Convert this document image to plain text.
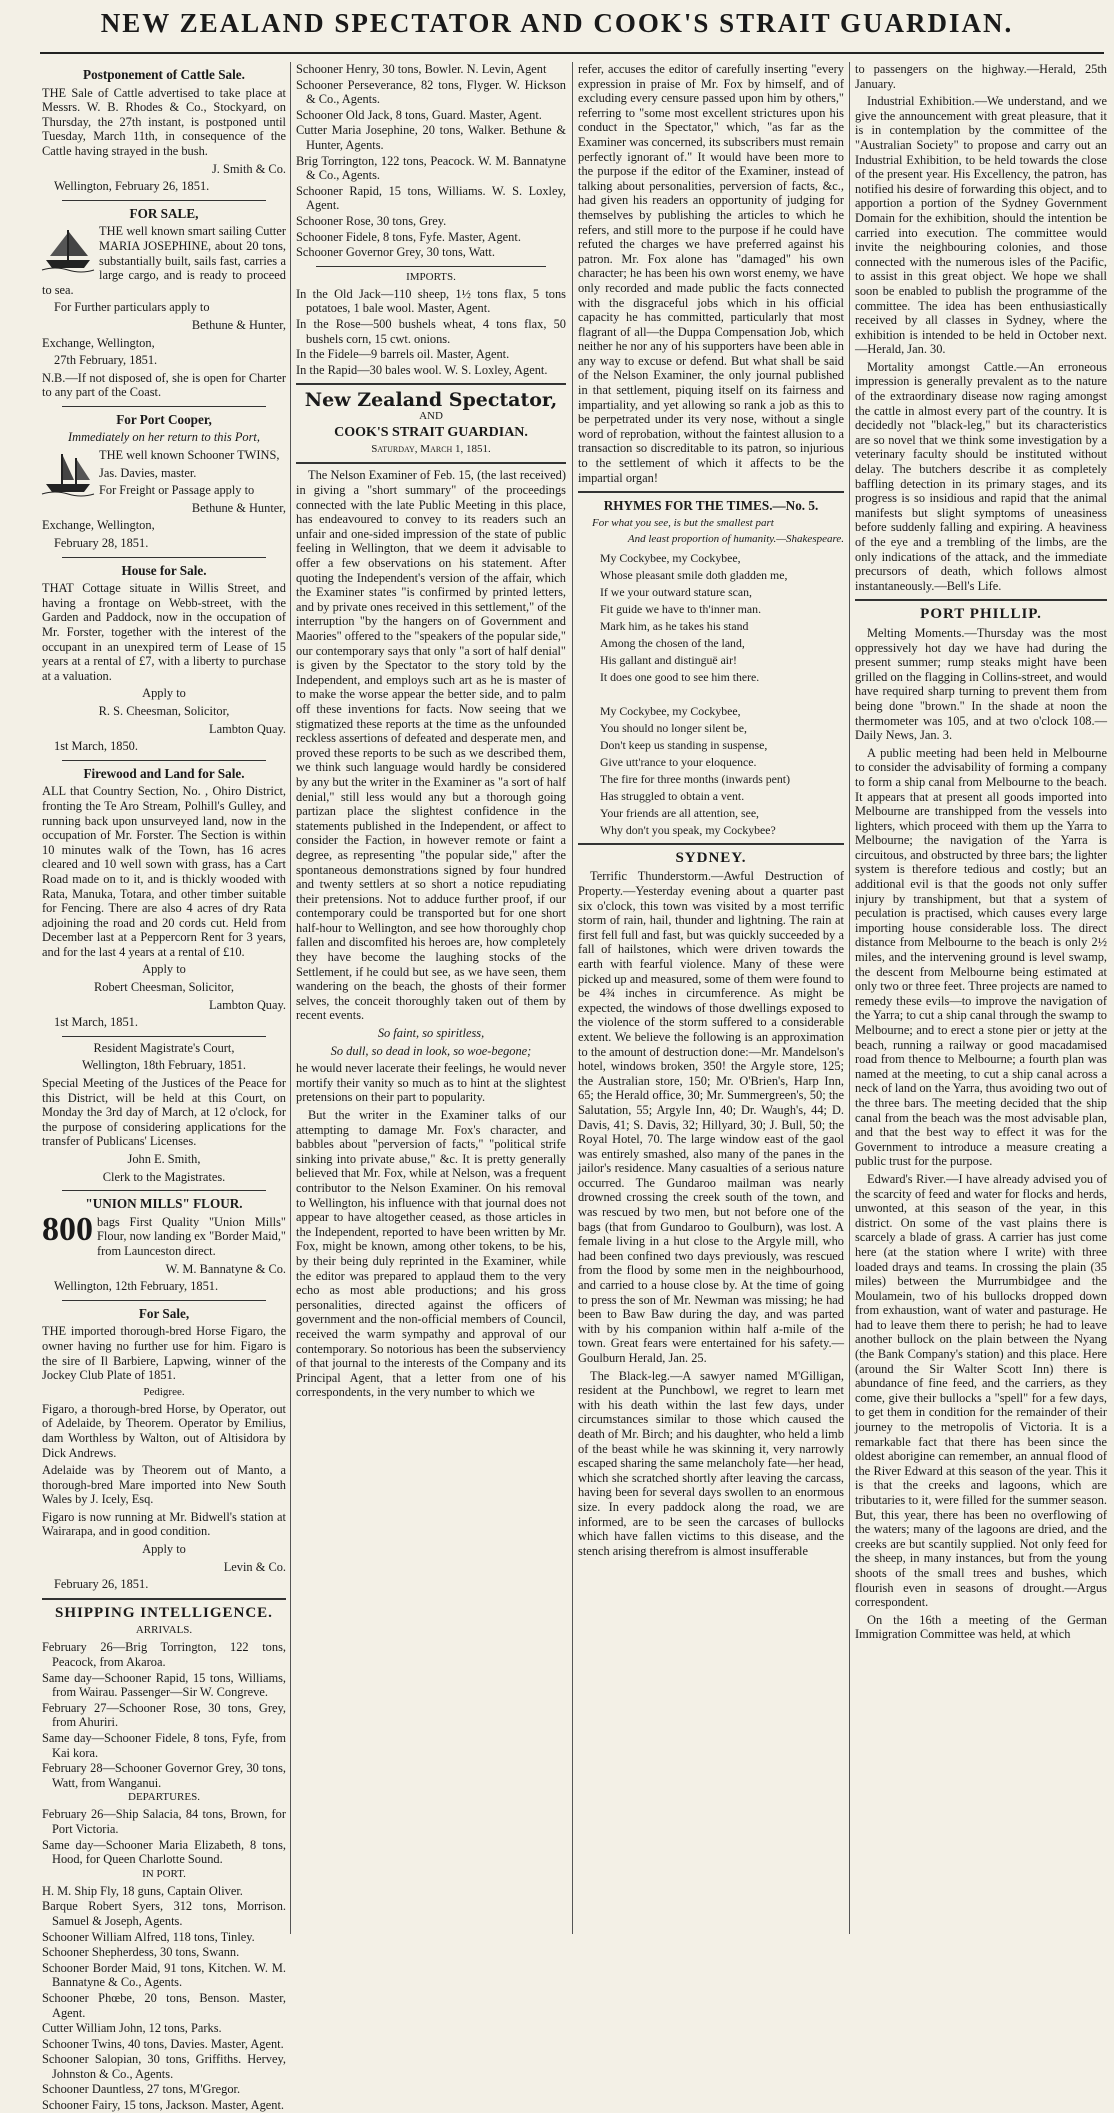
NEW ZEALAND SPECTATOR AND COOK'S STRAIT GUARDIAN.
Postponement of Cattle Sale.

THE Sale of Cattle advertised to take place at Messrs. W. B. Rhodes & Co., Stockyard, on Thursday, the 27th instant, is postponed until Tuesday, March 11th, in consequence of the Cattle having strayed in the bush.

J. Smith & Co.

Wellington, February 26, 1851.

FOR SALE,

THE well known smart sailing Cutter MARIA JOSEPHINE, about 20 tons, substantially built, sails fast, carries a large cargo, and is ready to proceed to sea.

For Further particulars apply to

Bethune & Hunter,

Exchange, Wellington,

27th February, 1851.

N.B.—If not disposed of, she is open for Charter to any part of the Coast.

For Port Cooper,

Immediately on her return to this Port,

THE well known Schooner TWINS,

Jas. Davies, master.

For Freight or Passage apply to

Bethune & Hunter,

Exchange, Wellington,

February 28, 1851.

House for Sale.

THAT Cottage situate in Willis Street, and having a frontage on Webb-street, with the Garden and Paddock, now in the occupation of Mr. Forster, together with the interest of the occupant in an unexpired term of Lease of 15 years at a rental of £7, with a liberty to purchase at a valuation.

Apply to

R. S. Cheesman, Solicitor,

Lambton Quay.

1st March, 1850.

Firewood and Land for Sale.

ALL that Country Section, No. , Ohiro District, fronting the Te Aro Stream, Polhill's Gulley, and running back upon unsurveyed land, now in the occupation of Mr. Forster. The Section is within 10 minutes walk of the Town, has 16 acres cleared and 10 well sown with grass, has a Cart Road made on to it, and is thickly wooded with Rata, Manuka, Totara, and other timber suitable for Fencing. There are also 4 acres of dry Rata adjoining the road and 20 cords cut. Held from December last at a Peppercorn Rent for 3 years, and for the last 4 years at a rental of £10.

Apply to

Robert Cheesman, Solicitor,

Lambton Quay.

1st March, 1851.

Resident Magistrate's Court,

Wellington, 18th February, 1851.

Special Meeting of the Justices of the Peace for this District, will be held at this Court, on Monday the 3rd day of March, at 12 o'clock, for the purpose of considering applications for the transfer of Publicans' Licenses.

John E. Smith,

Clerk to the Magistrates.

"UNION MILLS" FLOUR.
800 bags First Quality "Union Mills" Flour, now landing ex "Border Maid," from Launceston direct.

W. M. Bannatyne & Co.

Wellington, 12th February, 1851.

For Sale,

THE imported thorough-bred Horse Figaro, the owner having no further use for him. Figaro is the sire of Il Barbiere, Lapwing, winner of the Jockey Club Plate of 1851.

Pedigree.

Figaro, a thorough-bred Horse, by Operator, out of Adelaide, by Theorem. Operator by Emilius, dam Worthless by Walton, out of Altisidora by Dick Andrews.

Adelaide was by Theorem out of Manto, a thorough-bred Mare imported into New South Wales by J. Icely, Esq.

Figaro is now running at Mr. Bidwell's station at Wairarapa, and in good condition.

Apply to

Levin & Co.

February 26, 1851.

SHIPPING INTELLIGENCE.

ARRIVALS.

February 26—Brig Torrington, 122 tons, Peacock, from Akaroa.

Same day—Schooner Rapid, 15 tons, Williams, from Wairau. Passenger—Sir W. Congreve.

February 27—Schooner Rose, 30 tons, Grey, from Ahuriri.

Same day—Schooner Fidele, 8 tons, Fyfe, from Kai kora.

February 28—Schooner Governor Grey, 30 tons, Watt, from Wanganui.

DEPARTURES.

February 26—Ship Salacia, 84 tons, Brown, for Port Victoria.

Same day—Schooner Maria Elizabeth, 8 tons, Hood, for Queen Charlotte Sound.

IN PORT.

H. M. Ship Fly, 18 guns, Captain Oliver.

Barque Robert Syers, 312 tons, Morrison. Samuel & Joseph, Agents.

Schooner William Alfred, 118 tons, Tinley.

Schooner Shepherdess, 30 tons, Swann.

Schooner Border Maid, 91 tons, Kitchen. W. M. Bannatyne & Co., Agents.

Schooner Phœbe, 20 tons, Benson. Master, Agent.

Cutter William John, 12 tons, Parks.

Schooner Twins, 40 tons, Davies. Master, Agent.

Schooner Salopian, 30 tons, Griffiths. Hervey, Johnston & Co., Agents.

Schooner Dauntless, 27 tons, M'Gregor.

Schooner Fairy, 15 tons, Jackson. Master, Agent.

Schooner Henry, 30 tons, Bowler. N. Levin, Agent

Schooner Perseverance, 82 tons, Flyger. W. Hickson & Co., Agents.

Schooner Old Jack, 8 tons, Guard. Master, Agent.

Cutter Maria Josephine, 20 tons, Walker. Bethune & Hunter, Agents.

Brig Torrington, 122 tons, Peacock. W. M. Bannatyne & Co., Agents.

Schooner Rapid, 15 tons, Williams. W. S. Loxley, Agent.

Schooner Rose, 30 tons, Grey.

Schooner Fidele, 8 tons, Fyfe. Master, Agent.

Schooner Governor Grey, 30 tons, Watt.

IMPORTS.

In the Old Jack—110 sheep, 1½ tons flax, 5 tons potatoes, 1 bale wool. Master, Agent.

In the Rose—500 bushels wheat, 4 tons flax, 50 bushels corn, 15 cwt. onions.

In the Fidele—9 barrels oil. Master, Agent.

In the Rapid—30 bales wool. W. S. Loxley, Agent.

New Zealand Spectator,

AND

COOK'S STRAIT GUARDIAN.

Saturday, March 1, 1851.

The Nelson Examiner of Feb. 15, (the last received) in giving a "short summary" of the proceedings connected with the late Public Meeting in this place, has endeavoured to convey to its readers such an unfair and one-sided impression of the state of public feeling in Wellington, that we deem it advisable to offer a few observations on his statement. After quoting the Independent's version of the affair, which the Examiner states "is confirmed by printed letters, and by private ones received in this settlement," of the interruption "by the hangers on of Government and Maories" offered to the "speakers of the popular side," our contemporary says that only "a sort of half denial" is given by the Spectator to the story told by the Independent, and employs such art as he is master of to make the worse appear the better side, and to palm off these inventions for facts. Now seeing that we stigmatized these reports at the time as the unfounded reckless assertions of defeated and desperate men, and proved these reports to be such as we described them, we think such language would hardly be considered by any but the writer in the Examiner as "a sort of half denial," still less would any but a thorough going partizan place the slightest confidence in the statements published in the Independent, or affect to consider the Faction, in however remote or faint a degree, as representing "the popular side," after the spontaneous demonstrations signed by four hundred and twenty settlers at so short a notice repudiating their pretensions. Not to adduce further proof, if our contemporary could be transported but for one short half-hour to Wellington, and see how thoroughly chop fallen and discomfited his heroes are, how completely they have become the laughing stocks of the Settlement, if he could but see, as we have seen, them wandering on the beach, the ghosts of their former selves, the conceit thoroughly taken out of them by recent events.

So faint, so spiritless,

So dull, so dead in look, so woe-begone;

he would never lacerate their feelings, he would never mortify their vanity so much as to hint at the slightest pretensions on their part to popularity.

But the writer in the Examiner talks of our attempting to damage Mr. Fox's character, and babbles about "perversion of facts," "political strife sinking into private abuse," &c. It is pretty generally believed that Mr. Fox, while at Nelson, was a frequent contributor to the Nelson Examiner. On his removal to Wellington, his influence with that journal does not appear to have altogether ceased, as those articles in the Independent, reported to have been written by Mr. Fox, might be known, among other tokens, to be his, by their being duly reprinted in the Examiner, while the editor was prepared to applaud them to the very echo as most able productions; and his gross personalities, directed against the officers of government and the non-official members of Council, received the warm sympathy and approval of our contemporary. So notorious has been the subserviency of that journal to the interests of the Company and its Principal Agent, that a letter from one of his correspondents, in the very number to which we

refer, accuses the editor of carefully inserting "every expression in praise of Mr. Fox by himself, and of excluding every censure passed upon him by others," referring to "some most excellent strictures upon his conduct in the Spectator," which, "as far as the Examiner was concerned, its subscribers must remain perfectly ignorant of." It would have been more to the purpose if the editor of the Examiner, instead of talking about personalities, perversion of facts, &c., had given his readers an opportunity of judging for themselves by publishing the articles to which he refers, and still more to the purpose if he could have refuted the charges we have preferred against his patron. Mr. Fox alone has "damaged" his own character; he has been his own worst enemy, we have only recorded and made public the facts connected with the disgraceful jobs which in his official capacity he has committed, particularly that most flagrant of all—the Duppa Compensation Job, which neither he nor any of his supporters have been able in any way to excuse or defend. But what shall be said of the Nelson Examiner, the only journal published in that settlement, piquing itself on its fairness and impartiality, and yet allowing so rank a job as this to be perpetrated under its very nose, without a single word of reprobation, without the faintest allusion to a transaction so discreditable to its patron, so injurious to the settlement of which it affects to be the impartial organ!

RHYMES FOR THE TIMES.—No. 5.

For what you see, is but the smallest part

And least proportion of humanity.—Shakespeare.

My Cockybee, my Cockybee,

Whose pleasant smile doth gladden me,

If we your outward stature scan,

Fit guide we have to th'inner man.

Mark him, as he takes his stand

Among the chosen of the land,

His gallant and distinguë air!

It does one good to see him there.

My Cockybee, my Cockybee,

You should no longer silent be,

Don't keep us standing in suspense,

Give utt'rance to your eloquence.

The fire for three months (inwards pent)

Has struggled to obtain a vent.

Your friends are all attention, see,

Why don't you speak, my Cockybee?

SYDNEY.

Terrific Thunderstorm.—Awful Destruction of Property.—Yesterday evening about a quarter past six o'clock, this town was visited by a most terrific storm of rain, hail, thunder and lightning. The rain at first fell full and fast, but was quickly succeeded by a fall of hailstones, which were driven towards the earth with fearful violence. Many of these were picked up and measured, some of them were found to be 4¾ inches in circumference. As might be expected, the windows of those dwellings exposed to the violence of the storm suffered to a considerable extent. We believe the following is an approximation to the amount of destruction done:—Mr. Mandelson's hotel, windows broken, 350! the Argyle store, 125; the Australian store, 150; Mr. O'Brien's, Harp Inn, 65; the Herald office, 30; Mr. Summergreen's, 50; the Salutation, 55; Argyle Inn, 40; Dr. Waugh's, 44; D. Davis, 41; S. Davis, 32; Hillyard, 30; J. Bull, 50; the Royal Hotel, 70. The large window east of the gaol was entirely smashed, also many of the panes in the jailor's residence. Many casualties of a serious nature occurred. The Gundaroo mailman was nearly drowned crossing the creek south of the town, and was rescued by two men, but not before one of the bags (that from Gundaroo to Goulburn), was lost. A female living in a hut close to the Argyle mill, who had been confined two days previously, was rescued from the flood by some men in the neighbourhood, and carried to a house close by. At the time of going to press the son of Mr. Newman was missing; he had been to Baw Baw during the day, and was parted with by his companion within half a-mile of the town. Great fears were entertained for his safety.—Goulburn Herald, Jan. 25.

The Black-leg.—A sawyer named M'Gilligan, resident at the Punchbowl, we regret to learn met with his death within the last few days, under circumstances similar to those which caused the death of Mr. Birch; and his daughter, who held a limb of the beast while he was skinning it, very narrowly escaped sharing the same melancholy fate—her head, which she scratched shortly after leaving the carcass, having been for several days swollen to an enormous size. In every paddock along the road, we are informed, are to be seen the carcases of bullocks which have fallen victims to this disease, and the stench arising therefrom is almost insufferable

to passengers on the highway.—Herald, 25th January.

Industrial Exhibition.—We understand, and we give the announcement with great pleasure, that it is in contemplation by the committee of the "Australian Society" to propose and carry out an Industrial Exhibition, to be held towards the close of the present year. His Excellency, the patron, has notified his desire of forwarding this object, and to apportion a portion of the Sydney Government Domain for the exhibition, should the intention be carried into execution. The committee would invite the neighbouring colonies, and those connected with the numerous isles of the Pacific, to assist in this great object. We hope we shall soon be enabled to publish the programme of the committee. The idea has been enthusiastically received by all classes in Sydney, where the exhibition is intended to be held in October next.—Herald, Jan. 30.

Mortality amongst Cattle.—An erroneous impression is generally prevalent as to the nature of the extraordinary disease now raging amongst the cattle in almost every part of the country. It is decidedly not "black-leg," but its characteristics are so novel that we think some investigation by a veterinary faculty should be instituted without delay. The butchers describe it as completely baffling detection in its primary stages, and its progress is so insidious and rapid that the animal manifests but slight symptoms of uneasiness before suddenly falling and expiring. A heaviness of the eye and a trembling of the limbs, are the only indications of the attack, and the immediate precursors of death, which follows almost instantaneously.—Bell's Life.

PORT PHILLIP.

Melting Moments.—Thursday was the most oppressively hot day we have had during the present summer; rump steaks might have been grilled on the flagging in Collins-street, and would have required sharp turning to prevent them from being done "brown." In the shade at noon the thermometer was 105, and at two o'clock 108.—Daily News, Jan. 3.

A public meeting had been held in Melbourne to consider the advisability of forming a company to form a ship canal from Melbourne to the beach. It appears that at present all goods imported into Melbourne are transhipped from the vessels into lighters, which proceed with them up the Yarra to Melbourne; the navigation of the Yarra is circuitous, and obstructed by three bars; the lighter system is therefore tedious and costly; but an additional evil is that the goods not only suffer injury by transhipment, but that a system of peculation is practised, which causes every large importing house considerable loss. The direct distance from Melbourne to the beach is only 2½ miles, and the intervening ground is level swamp, the descent from Melbourne being estimated at only two or three feet. Three projects are named to remedy these evils—to improve the navigation of the Yarra; to cut a ship canal through the swamp to Melbourne; and to erect a stone pier or jetty at the beach, running a railway or good macadamised road from thence to Melbourne; a fourth plan was named at the meeting, to cut a ship canal across a neck of land on the Yarra, thus avoiding two out of the three bars. The meeting decided that the ship canal from the beach was the most advisable plan, and that the best way to effect it was for the Government to introduce a measure creating a public trust for the purpose.

Edward's River.—I have already advised you of the scarcity of feed and water for flocks and herds, unwonted, at this season of the year, in this district. On some of the vast plains there is scarcely a blade of grass. A carrier has just come here (at the station where I write) with three loaded drays and teams. In crossing the plain (35 miles) between the Murrumbidgee and the Moulamein, two of his bullocks dropped down from exhaustion, want of water and pasturage. He had to leave them there to perish; he had to leave another bullock on the plain between the Nyang (the Bank Company's station) and this place. Here (around the Sir Walter Scott Inn) there is abundance of fine feed, and the carriers, as they come, give their bullocks a "spell" for a few days, to get them in condition for the remainder of their journey to the metropolis of Victoria. It is a remarkable fact that there has been since the oldest aborigine can remember, an annual flood of the River Edward at this season of the year. This it is that the creeks and lagoons, which are tributaries to it, were filled for the summer season. But, this year, there has been no overflowing of the waters; many of the lagoons are dried, and the creeks are but scantily supplied. Not only feed for the sheep, in many instances, but from the young shoots of the small trees and bushes, which flourish even in seasons of drought.—Argus correspondent.

On the 16th a meeting of the German Immigration Committee was held, at which
